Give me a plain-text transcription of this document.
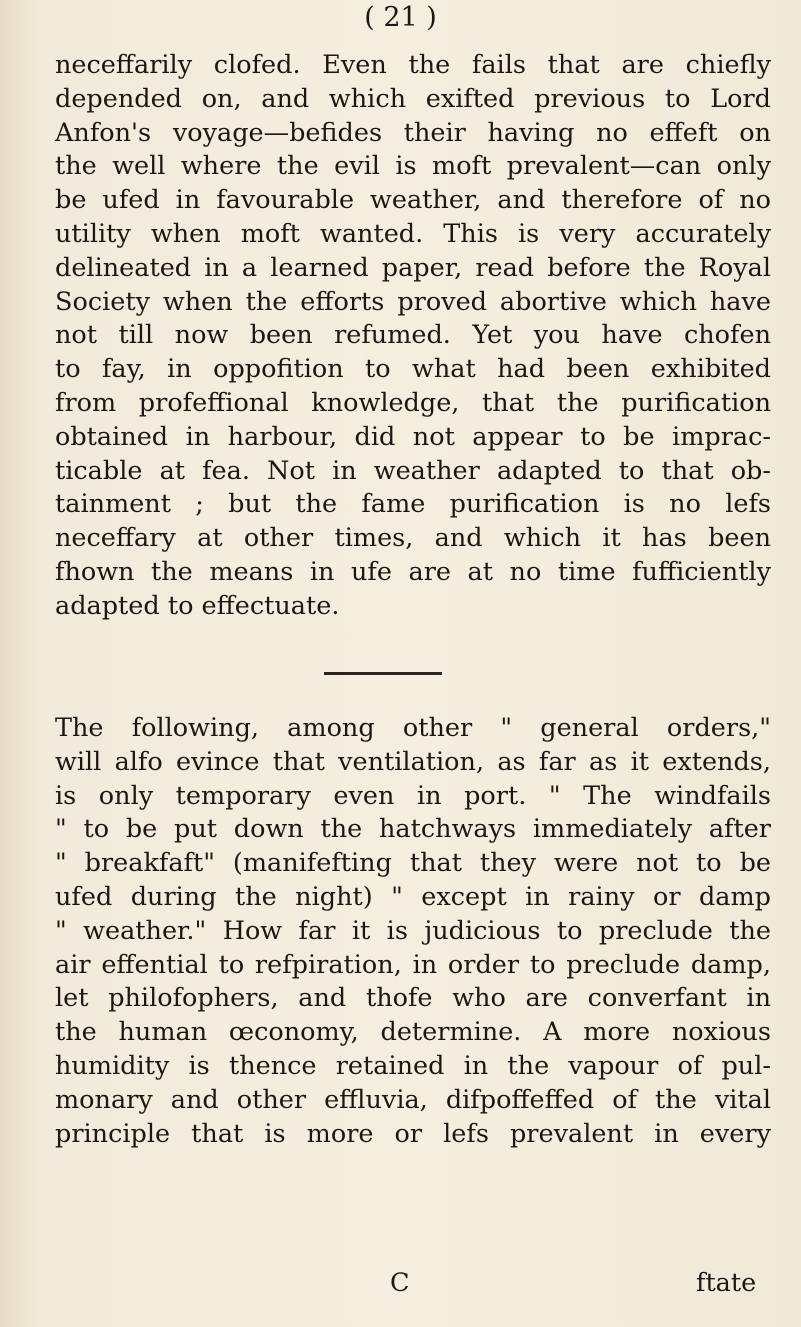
( 21 )
neceffarily clofed. Even the fails that are chiefly
depended on, and which exifted previous to Lord
Anfon's voyage—befides their having no effeft on
the well where the evil is moft prevalent—can only
be ufed in favourable weather, and therefore of no
utility when moft wanted. This is very accurately
delineated in a learned paper, read before the Royal
Society when the efforts proved abortive which have
not till now been refumed. Yet you have chofen
to fay, in oppofition to what had been exhibited
from profeffional knowledge, that the purification
obtained in harbour, did not appear to be imprac-
ticable at fea. Not in weather adapted to that ob-
tainment ; but the fame purification is no lefs
neceffary at other times, and which it has been
fhown the means in ufe are at no time fufficiently
adapted to effectuate.
The following, among other " general orders,"
will alfo evince that ventilation, as far as it extends,
is only temporary even in port. " The windfails
" to be put down the hatchways immediately after
" breakfaft" (manifefting that they were not to be
ufed during the night) " except in rainy or damp
" weather." How far it is judicious to preclude the
air effential to refpiration, in order to preclude damp,
let philofophers, and thofe who are converfant in
the human œconomy, determine. A more noxious
humidity is thence retained in the vapour of pul-
monary and other effluvia, difpoffeffed of the vital
principle that is more or lefs prevalent in every
C	ftate
